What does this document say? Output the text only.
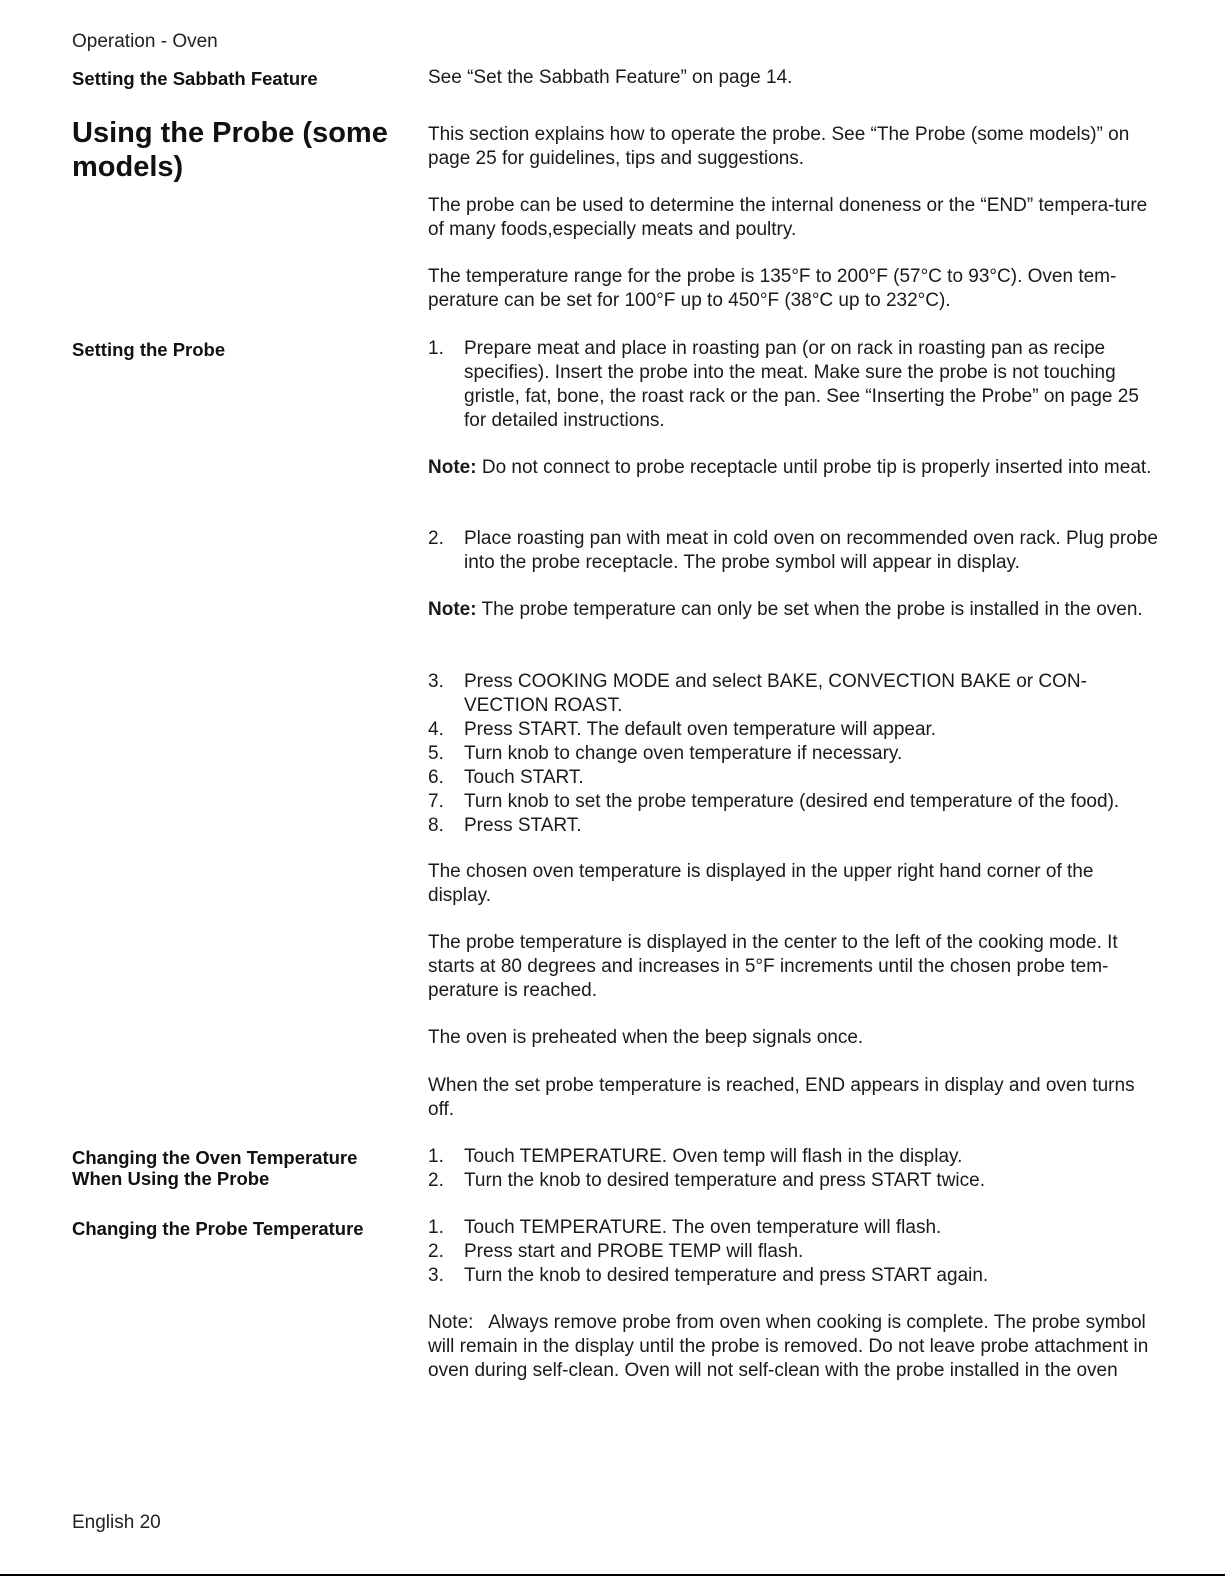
Operation - Oven
Setting the Sabbath Feature	See “Set the Sabbath Feature” on page 14.
Using the Probe (some models)
This section explains how to operate the probe. See “The Probe (some models)” on page 25 for guidelines, tips and suggestions.
The probe can be used to determine the internal doneness or the “END” tempera-ture of many foods,especially meats and poultry.
The temperature range for the probe is 135°F to 200°F (57°C to 93°C). Oven tem-perature can be set for 100°F up to 450°F (38°C up to 232°C).
Setting the Probe	1. Prepare meat and place in roasting pan (or on rack in roasting pan as recipe specifies). Insert the probe into the meat. Make sure the probe is not touching gristle, fat, bone, the roast rack or the pan. See “Inserting the Probe” on page 25 for detailed instructions.
Note: Do not connect to probe receptacle until probe tip is properly inserted into meat.
2. Place roasting pan with meat in cold oven on recommended oven rack. Plug probe into the probe receptacle. The probe symbol will appear in display.
Note: The probe temperature can only be set when the probe is installed in the oven.
3. Press COOKING MODE and select BAKE, CONVECTION BAKE or CON-VECTION ROAST.
4. Press START. The default oven temperature will appear.
5. Turn knob to change oven temperature if necessary.
6. Touch START.
7. Turn knob to set the probe temperature (desired end temperature of the food).
8. Press START.
The chosen oven temperature is displayed in the upper right hand corner of the display.
The probe temperature is displayed in the center to the left of the cooking mode. It starts at 80 degrees and increases in 5°F increments until the chosen probe tem-perature is reached.
The oven is preheated when the beep signals once.
When the set probe temperature is reached, END appears in display and oven turns off.
Changing the Oven Temperature When Using the Probe
1. Touch TEMPERATURE. Oven temp will flash in the display.
2. Turn the knob to desired temperature and press START twice.
Changing the Probe Temperature	1. Touch TEMPERATURE. The oven temperature will flash.
2. Press start and PROBE TEMP will flash.
3. Turn the knob to desired temperature and press START again.
Note:   Always remove probe from oven when cooking is complete. The probe symbol will remain in the display until the probe is removed. Do not leave probe attachment in oven during self-clean. Oven will not self-clean with the probe installed in the oven
English 20
